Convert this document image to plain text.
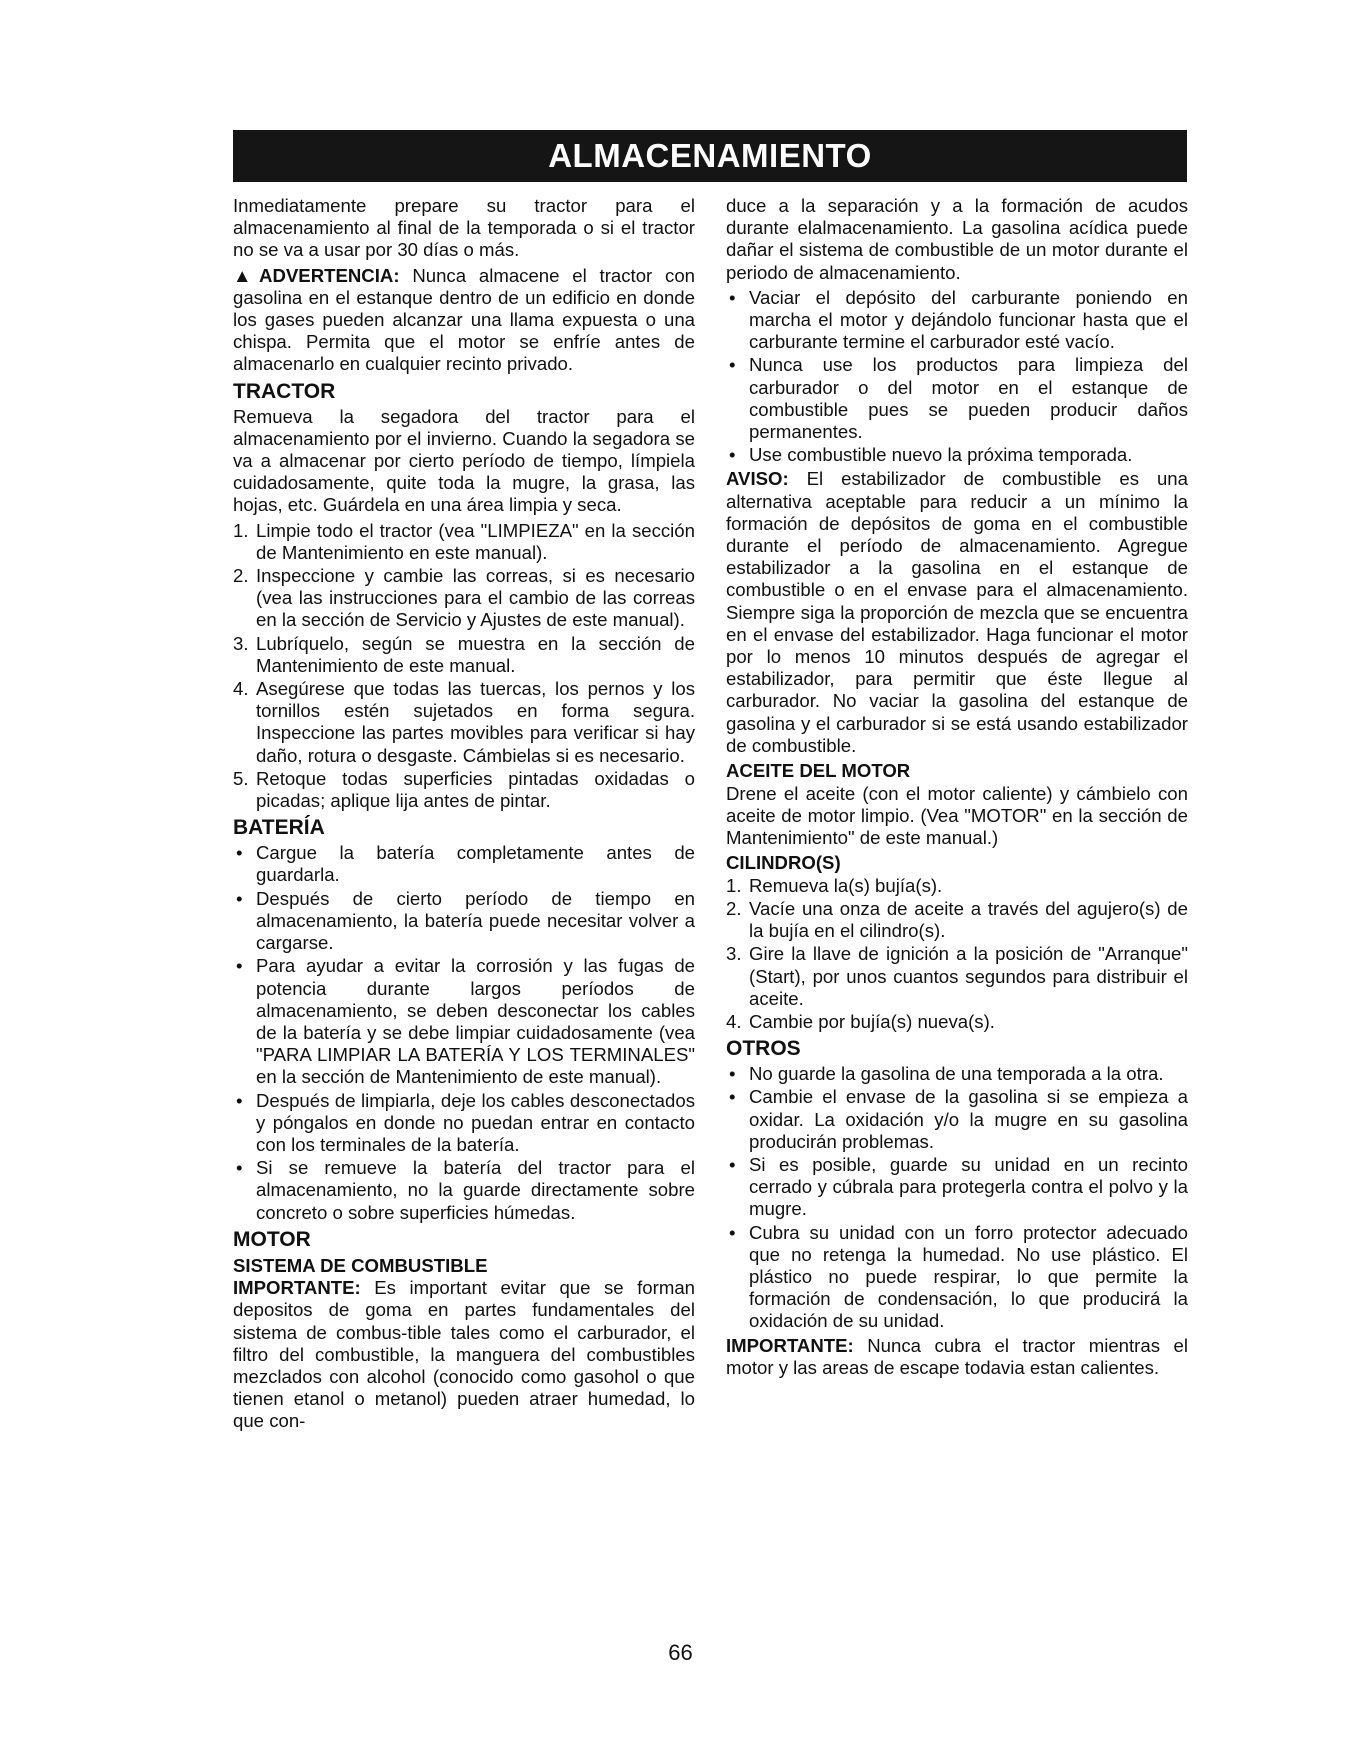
ALMACENAMIENTO

Inmediatamente prepare su tractor para el almacenamiento al final de la temporada o si el tractor no se va a usar por 30 días o más.

▲ADVERTENCIA: Nunca almacene el tractor con gasolina en el estanque dentro de un edificio en donde los gases pueden alcanzar una llama expuesta o una chispa. Permita que el motor se enfríe antes de almacenarlo en cualquier recinto privado.

TRACTOR

Remueva la segadora del tractor para el almacenamiento por el invierno. Cuando la segadora se va a almacenar por cierto período de tiempo, límpiela cuidadosamente, quite toda la mugre, la grasa, las hojas, etc. Guárdela en una área limpia y seca.

1. Limpie todo el tractor (vea "LIMPIEZA" en la sección de Mantenimiento en este manual).
2. Inspeccione y cambie las correas, si es necesario (vea las instrucciones para el cambio de las correas en la sección de Servicio y Ajustes de este manual).
3. Lubríquelo, según se muestra en la sección de Mantenimiento de este manual.
4. Asegúrese que todas las tuercas, los pernos y los tornillos estén sujetados en forma segura. Inspeccione las partes movibles para verificar si hay daño, rotura o desgaste. Cámbielas si es necesario.
5. Retoque todas superficies pintadas oxidadas o picadas; aplique lija antes de pintar.
BATERÍA
• Cargue la batería completamente antes de guardarla.
• Después de cierto período de tiempo en almacenamiento, la batería puede necesitar volver a cargarse.
• Para ayudar a evitar la corrosión y las fugas de potencia durante largos períodos de almacenamiento, se deben desconectar los cables de la batería y se debe limpiar cuidadosamente (vea "PARA LIMPIAR LA BATERÍA Y LOS TERMINALES" en la sección de Mantenimiento de este manual).
• Después de limpiarla, deje los cables desconectados y póngalos en donde no puedan entrar en contacto con los terminales de la batería.
• Si se remueve la batería del tractor para el almacenamiento, no la guarde directamente sobre concreto o sobre superficies húmedas.
MOTOR
SISTEMA DE COMBUSTIBLE

IMPORTANTE: Es important evitar que se forman depositos de goma en partes fundamentales del sistema de combus-tible tales como el carburador, el filtro del combustible, la manguera del combustibles mezclados con alcohol (conocido como gasohol o que tienen etanol o metanol) pueden atraer humedad, lo que con-

duce a la separación y a la formación de acudos durante elalmacenamiento. La gasolina acídica puede dañar el sistema de combustible de un motor durante el periodo de almacenamiento.

• Vaciar el depósito del carburante poniendo en marcha el motor y dejándolo funcionar hasta que el carburante termine el carburador esté vacío.
• Nunca use los productos para limpieza del carburador o del motor en el estanque de combustible pues se pueden producir daños permanentes.
• Use combustible nuevo la próxima temporada.

AVISO: El estabilizador de combustible es una alternativa aceptable para reducir a un mínimo la formación de depósitos de goma en el combustible durante el período de almacenamiento. Agregue estabilizador a la gasolina en el estanque de combustible o en el envase para el almacenamiento. Siempre siga la proporción de mezcla que se encuentra en el envase del estabilizador. Haga funcionar el motor por lo menos 10 minutos después de agregar el estabilizador, para permitir que éste llegue al carburador. No vaciar la gasolina del estanque de gasolina y el carburador si se está usando estabilizador de combustible.

ACEITE DEL MOTOR

Drene el aceite (con el motor caliente) y cámbielo con aceite de motor limpio. (Vea "MOTOR" en la sección de Mantenimiento" de este manual.)

CILINDRO(S)
1. Remueva la(s) bujía(s).
2. Vacíe una onza de aceite a través del agujero(s) de la bujía en el cilindro(s).
3. Gire la llave de ignición a la posición de "Arranque" (Start), por unos cuantos segundos para distribuir el aceite.
4. Cambie por bujía(s) nueva(s).
OTROS
• No guarde la gasolina de una temporada a la otra.
• Cambie el envase de la gasolina si se empieza a oxidar. La oxidación y/o la mugre en su gasolina producirán problemas.
• Si es posible, guarde su unidad en un recinto cerrado y cúbrala para protegerla contra el polvo y la mugre.
• Cubra su unidad con un forro protector adecuado que no retenga la humedad. No use plástico. El plástico no puede respirar, lo que permite la formación de condensación, lo que producirá la oxidación de su unidad.

IMPORTANTE: Nunca cubra el tractor mientras el motor y las areas de escape todavia estan calientes.

66
